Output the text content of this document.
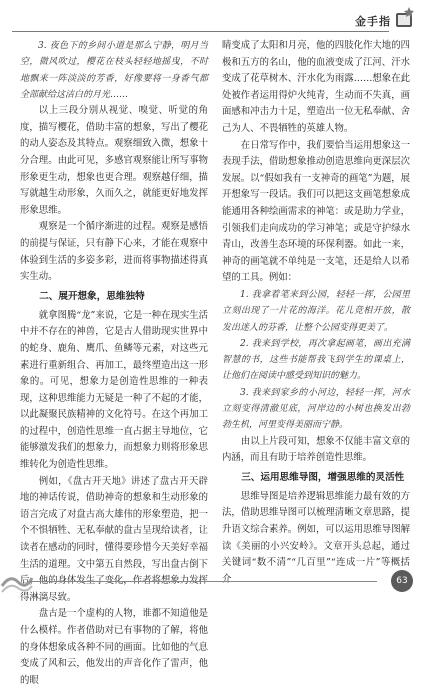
金手指

3. 夜色下的乡间小道是那么宁静，明月当空，微风吹过，樱花在枝头轻轻地摇曳，不时地飘来一阵淡淡的芳香，好像要将一身香气都全部献给这洁白的月光……

以上三段分别从视觉、嗅觉、听觉的角度，描写樱花，借助丰富的想象，写出了樱花的动人姿态及其特点。观察细致入微，想象十分合理。由此可见，多感官观察能让所写事物形象更生动，想象也更合理。观察越仔细，描写就越生动形象，久而久之，就能更好地发挥形象思维。

观察是一个循序渐进的过程。观察是感悟的前提与保证，只有静下心来，才能在观察中体验到生活的多姿多彩，进而将事物描述得真实生动。

二、展开想象，思维独特

就拿图腾“龙”来说，它是一种在现实生活中并不存在的神兽，它是古人借助现实世界中的蛇身、鹿角、鹰爪、鱼鳞等元素，对这些元素进行重新组合、再加工，最终塑造出这一形象的。可见，想象力是创造性思维的一种表现，这种思维能力无疑是一种了不起的才能，以此凝聚民族精神的文化符号。在这个再加工的过程中，创造性思维一直占据主导地位，它能够激发我们的想象力，而想象力则将形象思维转化为创造性思维。

例如，《盘古开天地》讲述了盘古开天辟地的神话传说，借助神奇的想象和生动形象的语言完成了对盘古高大雄伟的形象塑造，把一个不惧牺牲、无私奉献的盘古呈现给读者，让读者在感动的同时，懂得要珍惜今天美好幸福生活的道理。文中第五自然段，写出盘古倒下后，他的身体发生了变化，作者将想象力发挥得淋漓尽致。

盘古是一个虚构的人物，谁都不知道他是什么模样。作者借助对已有事物的了解，将他的身体想象成各种不同的画面。比如他的气息变成了风和云，他发出的声音化作了雷声，他的眼

睛变成了太阳和月亮，他的四肢化作大地的四极和五方的名山，他的血液变成了江河、汗水变成了花草树木、汗水化为雨露……想象在此处被作者运用得炉火纯青，生动而不失真，画面感和冲击力十足，塑造出一位无私奉献、舍己为人、不畏牺牲的英雄人物。

在日常写作中，我们要恰当运用想象这一表现手法，借助想象推动创造思维向更深层次发展。以“假如我有一支神奇的画笔”为题，展开想象写一段话。我们可以把这支画笔想象成能通用各种绘画需求的神笔：或是助力学业，引领我们走向成功的学习神笔；或是守护绿水青山，改善生态环境的环保利器。如此一来，神奇的画笔就不单纯是一支笔，还是给人以希望的工具。例如：

1. 我拿着笔来到公园，轻轻一挥，公园里立刻出现了一片花的海洋。花儿竞相开放，散发出迷人的芬香，让整个公园变得更美了。

2. 我来到学校，再次拿起画笔，画出充满智慧的书，这些书能帮我飞到学生的课桌上，让他们在阅读中感受到知识的魅力。

3. 我来到家乡的小河边，轻轻一挥，河水立刻变得清澈见底，河岸边的小树也换发出勃勃生机，河里变得美丽而宁静。

由以上片段可知，想象不仅能丰富文章的内涵，而且有助于培养创造性思维。

三、运用思维导图，增强思维的灵活性

思维导图是培养逻辑思维能力最有效的方法，借助思维导图可以梳理清晰文章思路，提升语文综合素养。例如，可以运用思维导图解读《美丽的小兴安岭》。文章开头总起，通过关键词“数不清”“几百里”“连成一片”等概括介	63
